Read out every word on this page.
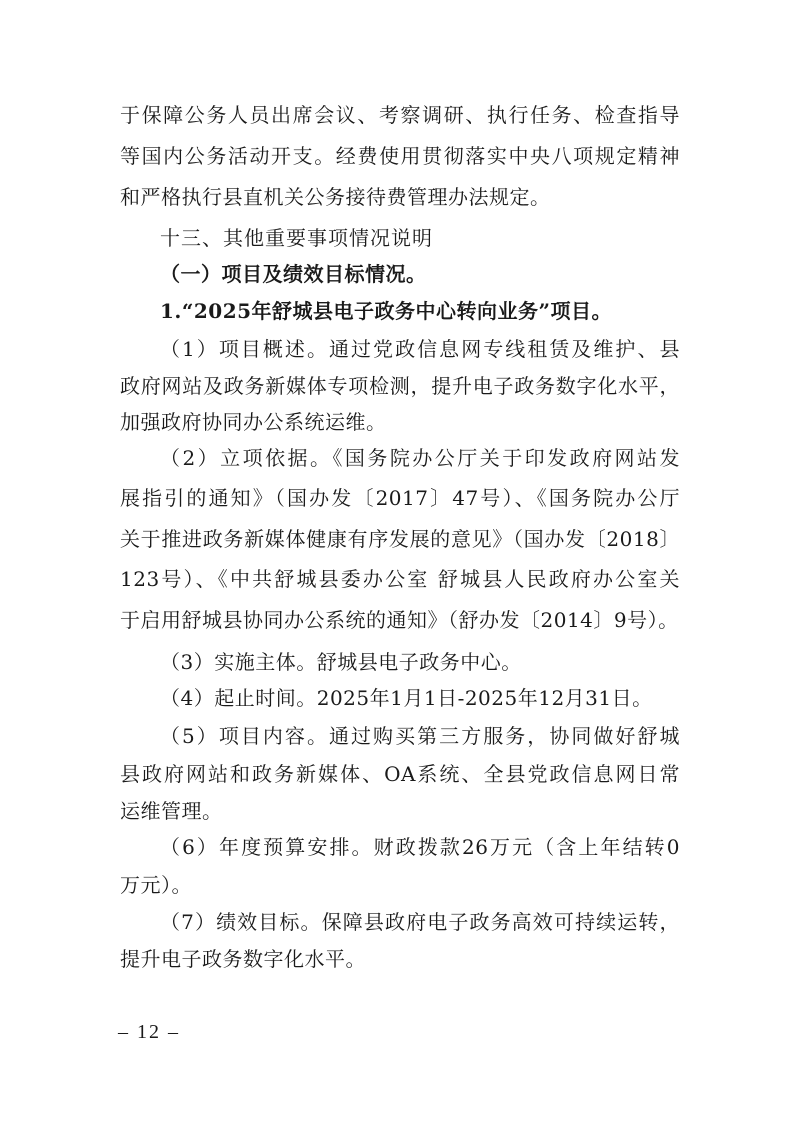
于保障公务人员出席会议、考察调研、执行任务、检查指导
等国内公务活动开支。经费使用贯彻落实中央八项规定精神
和严格执行县直机关公务接待费管理办法规定。
十三、其他重要事项情况说明
（一）项目及绩效目标情况。
1.“2025年舒城县电子政务中心转向业务”项目。
（1）项目概述。通过党政信息网专线租赁及维护、县
政府网站及政务新媒体专项检测，提升电子政务数字化水平，
加强政府协同办公系统运维。
（2）立项依据。《国务院办公厅关于印发政府网站发
展指引的通知》（国办发〔2017〕47号）、《国务院办公厅
关于推进政务新媒体健康有序发展的意见》（国办发〔2018〕
123号）、《中共舒城县委办公室 舒城县人民政府办公室关
于启用舒城县协同办公系统的通知》（舒办发〔2014〕9号）。
（3）实施主体。舒城县电子政务中心。
（4）起止时间。2025年1月1日-2025年12月31日。
（5）项目内容。通过购买第三方服务，协同做好舒城
县政府网站和政务新媒体、OA系统、全县党政信息网日常
运维管理。
（6）年度预算安排。财政拨款26万元（含上年结转0
万元）。
（7）绩效目标。保障县政府电子政务高效可持续运转，
提升电子政务数字化水平。
– 12 –
